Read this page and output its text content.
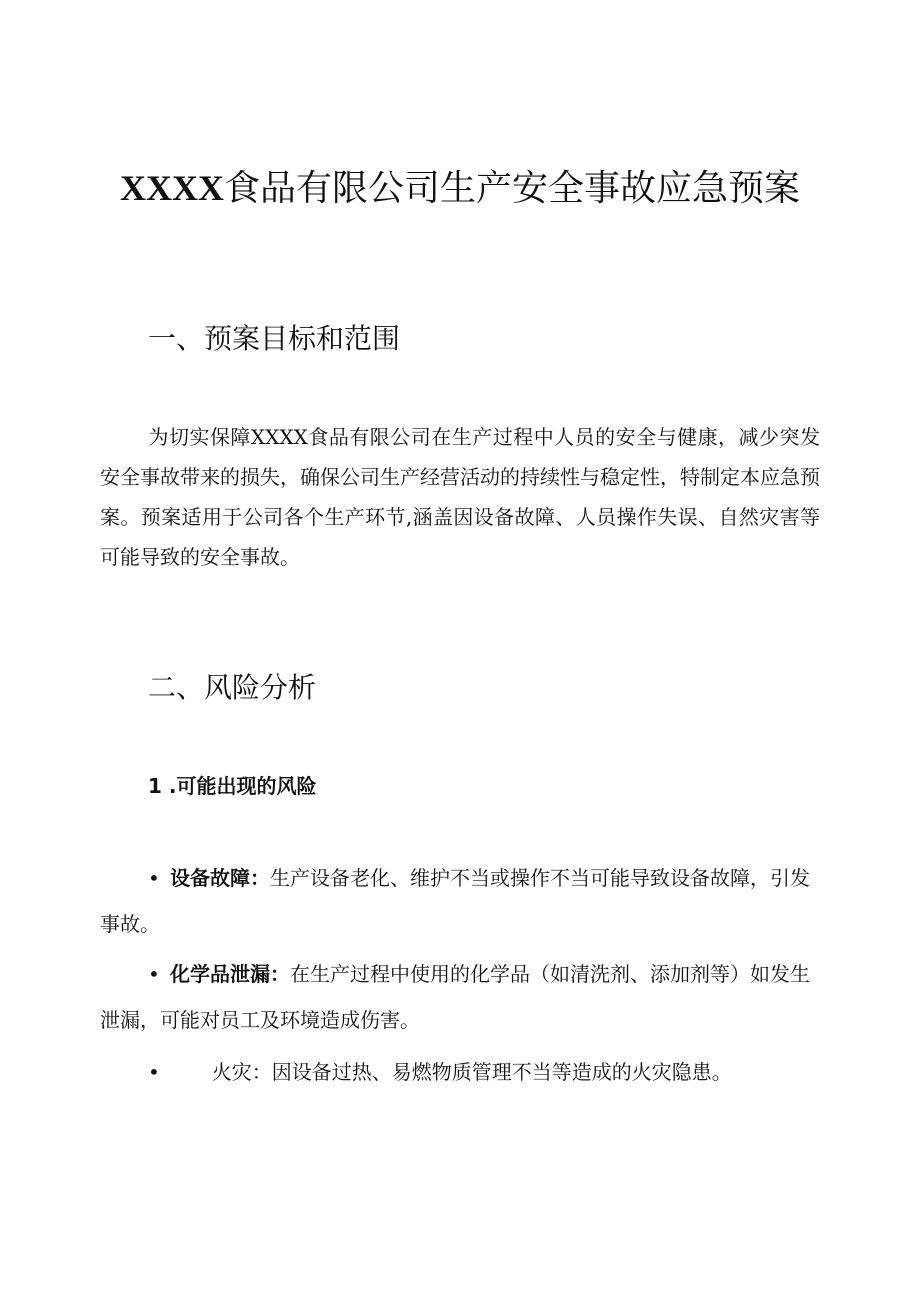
XXXX食品有限公司生产安全事故应急预案
一、预案目标和范围
为切实保障XXXX食品有限公司在生产过程中人员的安全与健康，减少突发安全事故带来的损失，确保公司生产经营活动的持续性与稳定性，特制定本应急预案。预案适用于公司各个生产环节,涵盖因设备故障、人员操作失误、自然灾害等可能导致的安全事故。
二、风险分析
1 .可能出现的风险
• 设备故障：生产设备老化、维护不当或操作不当可能导致设备故障，引发事故。
• 化学品泄漏：在生产过程中使用的化学品（如清洗剂、添加剂等）如发生泄漏，可能对员工及环境造成伤害。
•	火灾：因设备过热、易燃物质管理不当等造成的火灾隐患。
